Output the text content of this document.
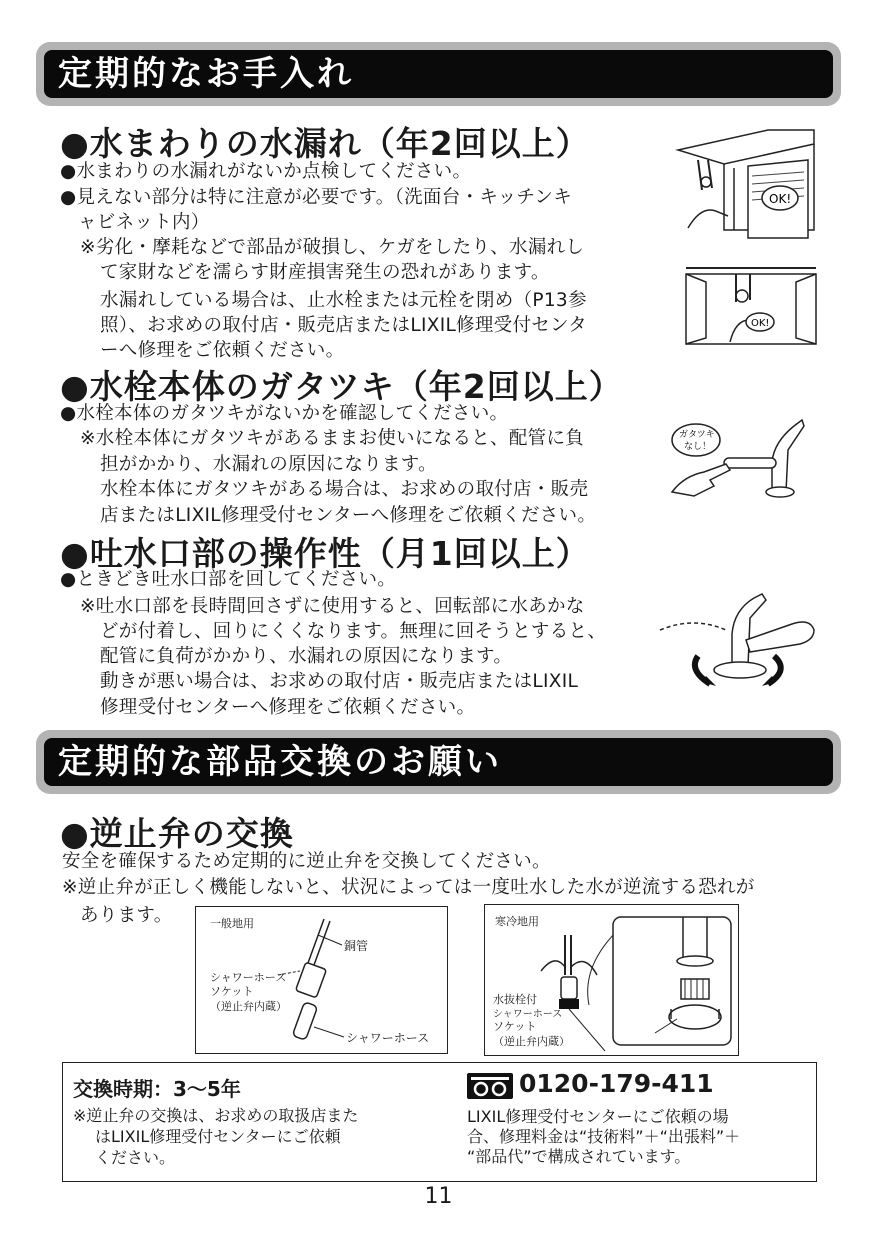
定期的なお手入れ
●水まわりの水漏れ（年2回以上）
●水まわりの水漏れがないか点検してください。
●見えない部分は特に注意が必要です。（洗面台・キッチンキ
ャビネット内）
※劣化・摩耗などで部品が破損し、ケガをしたり、水漏れし
て家財などを濡らす財産損害発生の恐れがあります。
水漏れしている場合は、止水栓または元栓を閉め（P13参
照）、お求めの取付店・販売店またはLIXIL修理受付センタ
ーへ修理をご依頼ください。
OK!
OK!
●水栓本体のガタツキ（年2回以上）
●水栓本体のガタツキがないかを確認してください。
※水栓本体にガタツキがあるままお使いになると、配管に負
担がかかり、水漏れの原因になります。
水栓本体にガタツキがある場合は、お求めの取付店・販売
店またはLIXIL修理受付センターへ修理をご依頼ください。
ガタツキ
なし！
●吐水口部の操作性（月1回以上）
●ときどき吐水口部を回してください。
※吐水口部を長時間回さずに使用すると、回転部に水あかな
どが付着し、回りにくくなります。無理に回そうとすると、
配管に負荷がかかり、水漏れの原因になります。
動きが悪い場合は、お求めの取付店・販売店またはLIXIL
修理受付センターへ修理をご依頼ください。
定期的な部品交換のお願い
●逆止弁の交換
安全を確保するため定期的に逆止弁を交換してください。
※逆止弁が正しく機能しないと、状況によっては一度吐水した水が逆流する恐れが
あります。	一般地用
銅管
シャワーホース
ソケット
（逆止弁内蔵）
シャワーホース
寒冷地用
水抜栓付
シャワーホース
ソケット
（逆止弁内蔵）
交換時期：3～5年
※逆止弁の交換は、お求めの取扱店また
はLIXIL修理受付センターにご依頼
ください。
0120-179-411
LIXIL修理受付センターにご依頼の場
合、修理料金は“技術料”＋“出張料”＋
“部品代”で構成されています。
11
